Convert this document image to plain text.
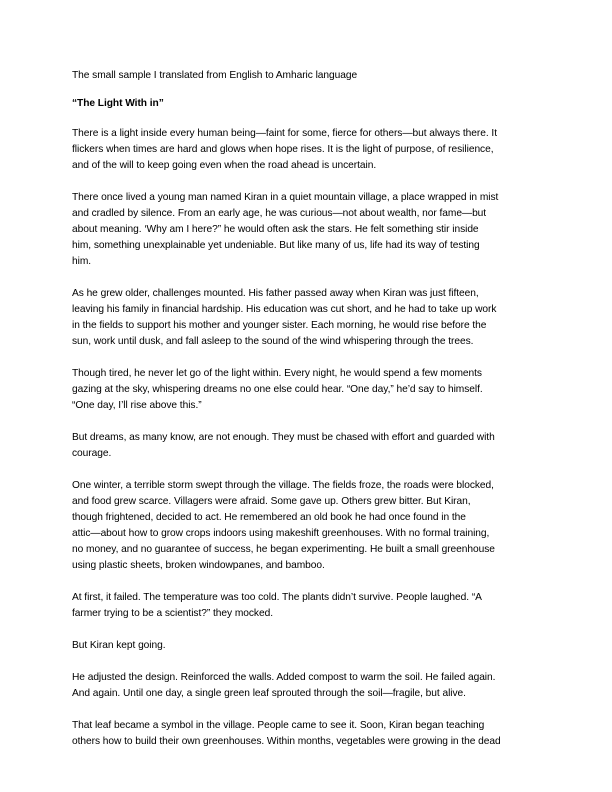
The small sample I translated from English to Amharic language

“The Light With in”

There is a light inside every human being—faint for some, fierce for others—but always there. It
flickers when times are hard and glows when hope rises. It is the light of purpose, of resilience,
and of the will to keep going even when the road ahead is uncertain.

There once lived a young man named Kiran in a quiet mountain village, a place wrapped in mist
and cradled by silence. From an early age, he was curious—not about wealth, nor fame—but
about meaning. ‘Why am I here?” he would often ask the stars. He felt something stir inside
him, something unexplainable yet undeniable. But like many of us, life had its way of testing
him.

As he grew older, challenges mounted. His father passed away when Kiran was just fifteen,
leaving his family in financial hardship. His education was cut short, and he had to take up work
in the fields to support his mother and younger sister. Each morning, he would rise before the
sun, work until dusk, and fall asleep to the sound of the wind whispering through the trees.

Though tired, he never let go of the light within. Every night, he would spend a few moments
gazing at the sky, whispering dreams no one else could hear. “One day,” he’d say to himself.
“One day, I’ll rise above this.”

But dreams, as many know, are not enough. They must be chased with effort and guarded with
courage.

One winter, a terrible storm swept through the village. The fields froze, the roads were blocked,
and food grew scarce. Villagers were afraid. Some gave up. Others grew bitter. But Kiran,
though frightened, decided to act. He remembered an old book he had once found in the
attic—about how to grow crops indoors using makeshift greenhouses. With no formal training,
no money, and no guarantee of success, he began experimenting. He built a small greenhouse
using plastic sheets, broken windowpanes, and bamboo.

At first, it failed. The temperature was too cold. The plants didn’t survive. People laughed. “A
farmer trying to be a scientist?” they mocked.

But Kiran kept going.

He adjusted the design. Reinforced the walls. Added compost to warm the soil. He failed again.
And again. Until one day, a single green leaf sprouted through the soil—fragile, but alive.

That leaf became a symbol in the village. People came to see it. Soon, Kiran began teaching
others how to build their own greenhouses. Within months, vegetables were growing in the dead
